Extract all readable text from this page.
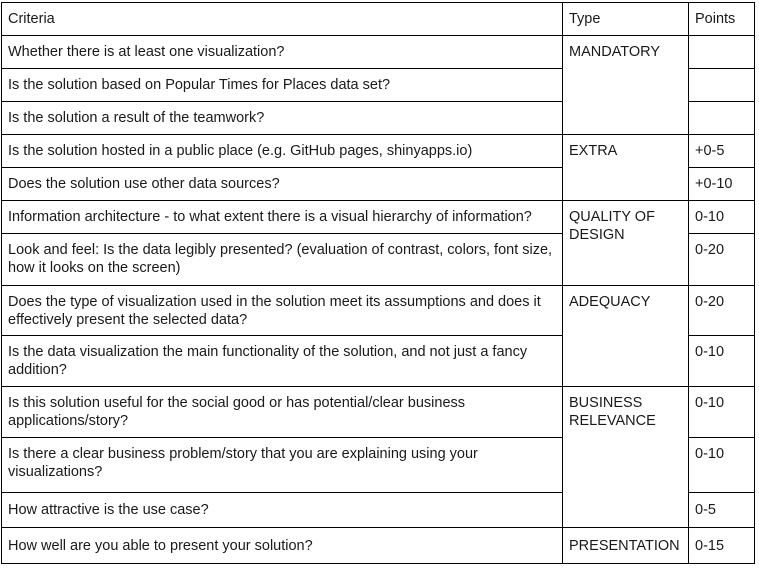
Criteria	Type	Points

Whether there is at least one visualization?	MANDATORY	

Is the solution based on Popular Times for Places data set?		

Is the solution a result of the teamwork?		

Is the solution hosted in a public place (e.g. GitHub pages, shinyapps.io)	EXTRA	+0-5

Does the solution use other data sources?		+0-10

Information architecture - to what extent there is a visual hierarchy of information?	QUALITY OF DESIGN	0-10

Look and feel: Is the data legibly presented? (evaluation of contrast, colors, font size, how it looks on the screen)		0-20

Does the type of visualization used in the solution meet its assumptions and does it effectively present the selected data?	ADEQUACY	0-20

Is the data visualization the main functionality of the solution, and not just a fancy addition?		0-10

Is this solution useful for the social good or has potential/clear business applications/story?	BUSINESS RELEVANCE	0-10

Is there a clear business problem/story that you are explaining using your visualizations?		0-10

How attractive is the use case?		0-5

How well are you able to present your solution?	PRESENTATION	0-15
